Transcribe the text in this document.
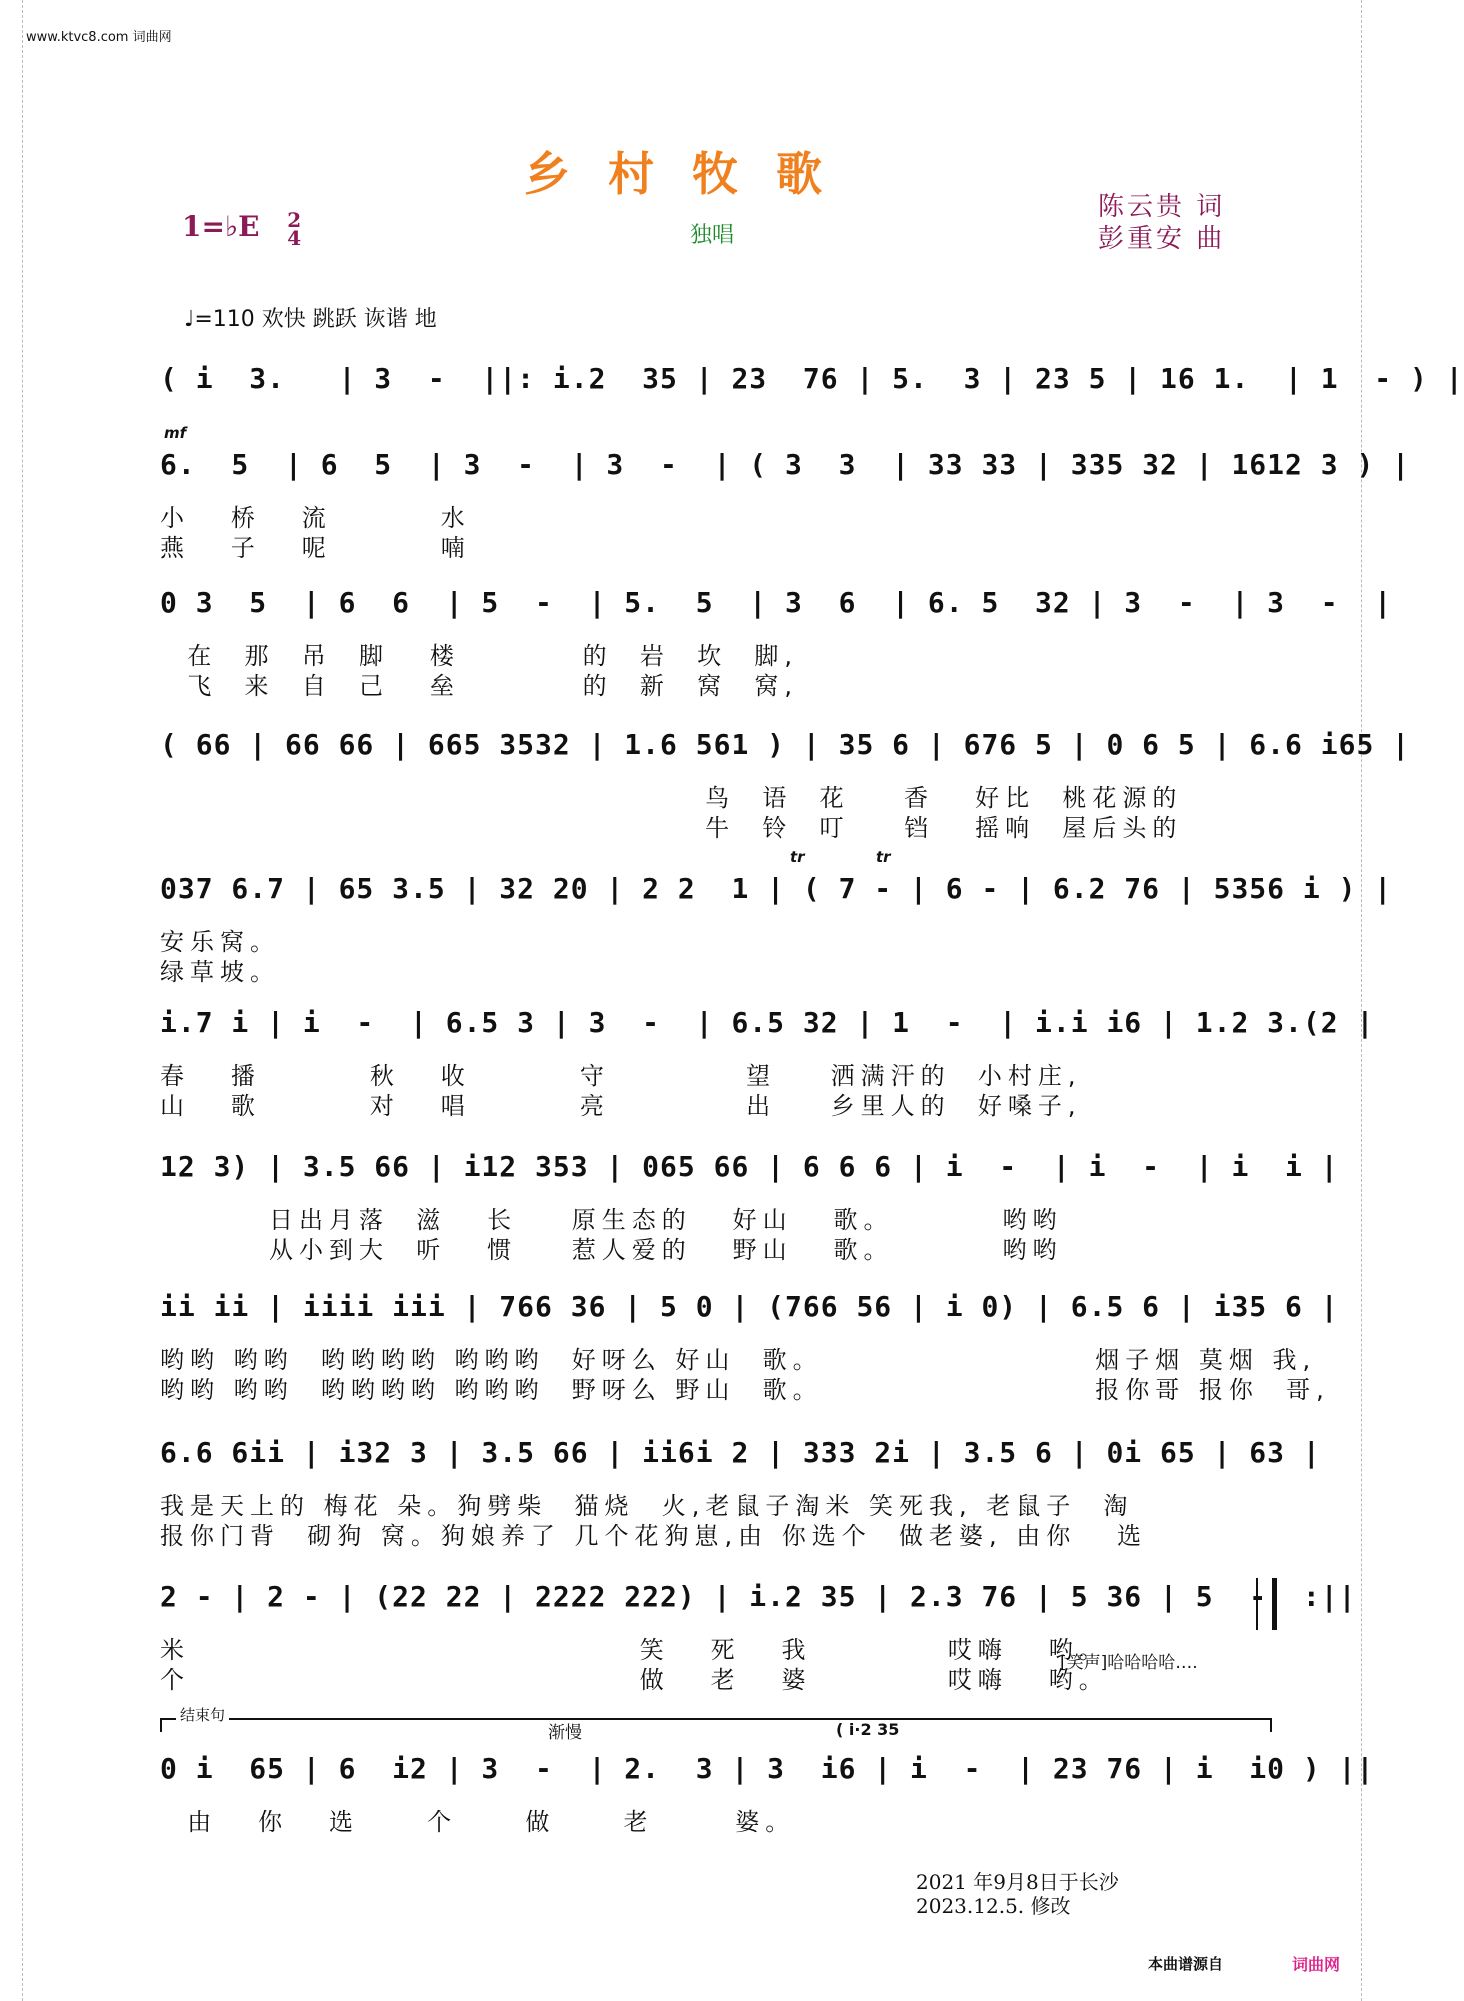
www.ktvc8.com 词曲网
乡村牧歌
1=♭E 2
4	独唱
陈云贵 词
彭重安 曲
♩=110 欢快 跳跃 诙谐 地
mf
( i  3.   | 3  -  ||: i.2  35 | 23  76 | 5.  3 | 23 5 | 16 1.  | 1  - ) |
6.  5  | 6  5  | 3  -  | 3  -  | ( 3  3  | 33 33 | 335 32 | 1612 3 ) |
小   桥   流        水
燕   子   呢        喃
0 3  5  | 6  6  | 5  -  | 5.  5  | 3  6  | 6. 5  32 | 3  -  | 3  -  |
在  那  吊  脚   楼         的  岩  坎  脚,
飞  来  自  己   垒         的  新  窝  窝,
( 66 | 66 66 | 665 3532 | 1.6 561 ) | 35 6 | 676 5 | 0 6 5 | 6.6 i65 |
鸟  语  花    香   好比  桃花源的
牛  铃  叮    铛   摇响  屋后头的
037 6.7 | 65 3.5 | 32 20 | 2 2  1 | ( 7 - | 6 - | 6.2 76 | 5356 i ) |
安乐窝。
绿草坡。
i.7 i | i  -  | 6.5 3 | 3  -  | 6.5 32 | 1  -  | i.i i6 | 1.2 3.(2 |
春   播        秋   收        守          望    洒满汗的  小村庄,
山   歌        对   唱        亮          出    乡里人的  好嗓子,
12 3) | 3.5 66 | i12 353 | 065 66 | 6 6 6 | i  -  | i  -  | i  i |
日出月落  滋   长    原生态的   好山   歌。        哟哟
从小到大  听   惯    惹人爱的   野山   歌。        哟哟
ii ii | iiii iii | 766 36 | 5 0 | (766 56 | i 0) | 6.5 6 | i35 6 |
哟哟 哟哟  哟哟哟哟 哟哟哟  好呀么 好山  歌。                    烟子烟 莫烟 我,
哟哟 哟哟  哟哟哟哟 哟哟哟  野呀么 野山  歌。                    报你哥 报你  哥,
6.6 6ii | i32 3 | 3.5 66 | ii6i 2 | 333 2i | 3.5 6 | 0i 65 | 63 |
我是天上的 梅花 朵。狗劈柴  猫烧  火,老鼠子淘米 笑死我, 老鼠子  淘
报你门背  砌狗 窝。狗娘养了 几个花狗崽,由 你选个  做老婆, 由你   选
2 - | 2 - | (22 22 | 2222 222) | i.2 35 | 2.3 76 | 5 36 | 5  -  :||
米                                 笑   死   我          哎嗨   哟。
个                                 做   老   婆          哎嗨   哟。
0 i  65 | 6  i2 | 3  -  | 2.  3 | 3  i6 | i  -  | 23 76 | i  i0 ) ||
由   你   选     个     做     老      婆。
[笑声]哈哈哈哈….
结束句
渐慢	( i·2 35
tr	tr
2021 年9月8日于长沙
2023.12.5. 修改
本曲谱源自	词曲网
